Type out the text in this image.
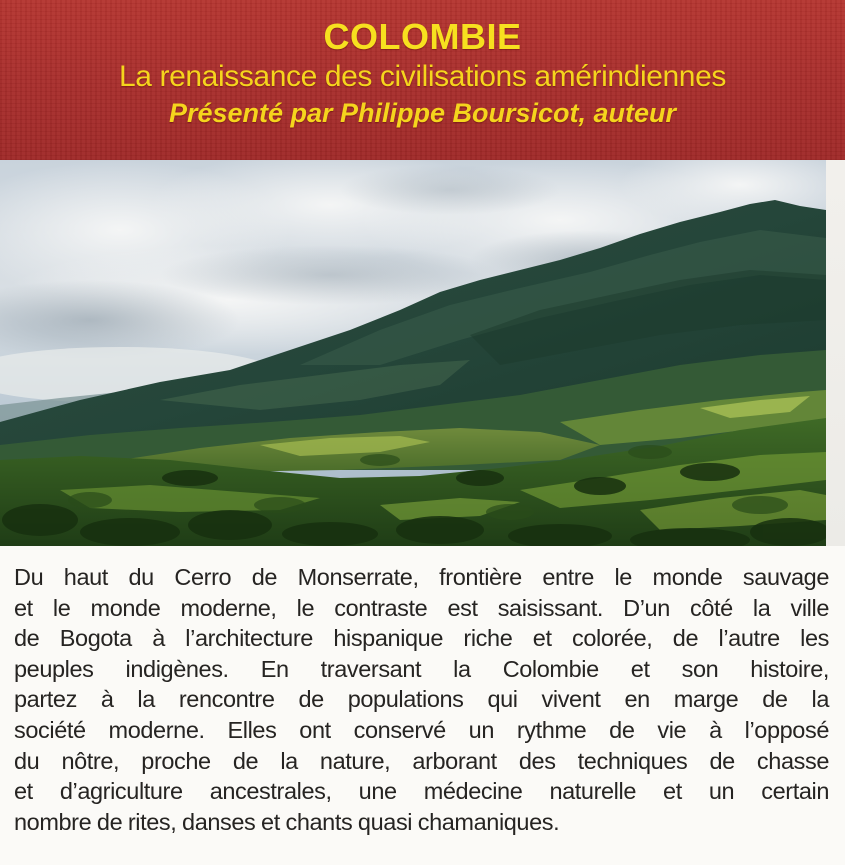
COLOMBIE
La renaissance des civilisations amérindiennes
Présenté par Philippe Boursicot, auteur
Du haut du Cerro de Monserrate, frontière entre le monde sauvage
et le monde moderne, le contraste est saisissant. D’un côté la ville
de Bogota à l’architecture hispanique riche et colorée, de l’autre les
peuples indigènes. En traversant la Colombie et son histoire,
partez à la rencontre de populations qui vivent en marge de la
société moderne. Elles ont conservé un rythme de vie à l’opposé
du nôtre, proche de la nature, arborant des techniques de chasse
et d’agriculture ancestrales, une médecine naturelle et un certain
nombre de rites, danses et chants quasi chamaniques.
